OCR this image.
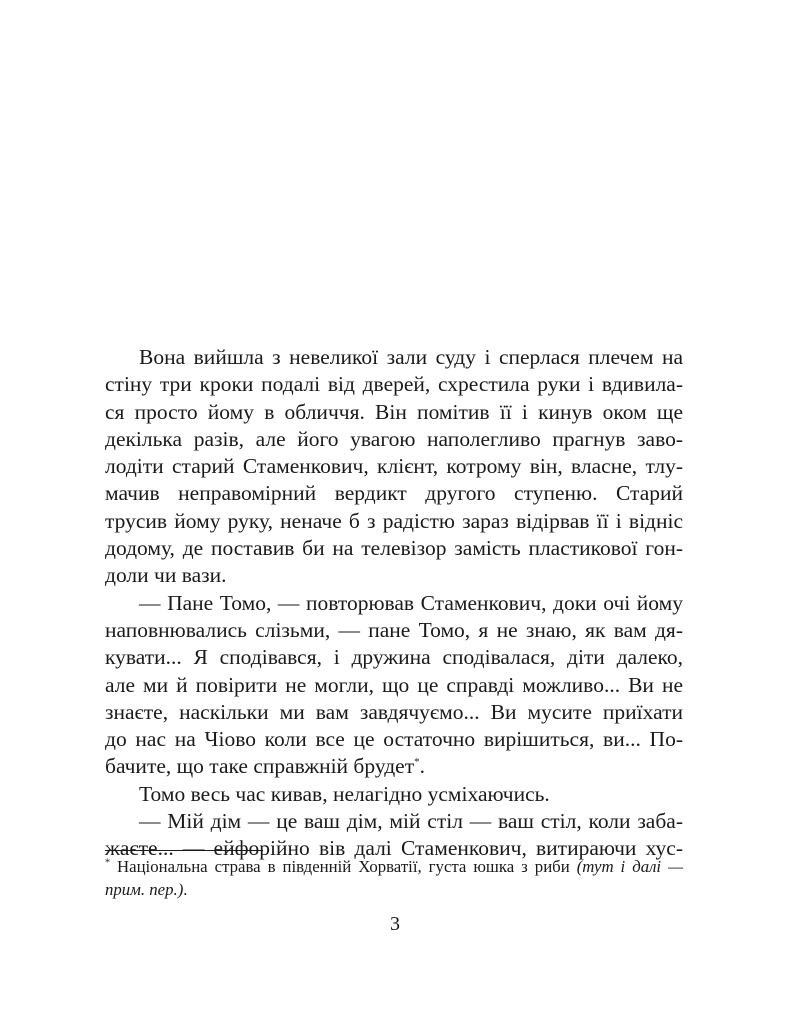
Вона вийшла з невеликої зали суду і сперлася плечем на
стіну три кроки подалі від дверей, схрестила руки і вдивила-
ся просто йому в обличчя. Він помітив її і кинув оком ще
декілька разів, але його увагою наполегливо прагнув заво-
лодіти старий Стаменкович, клієнт, котрому він, власне, тлу-
мачив неправомірний вердикт другого ступеню. Старий
трусив йому руку, неначе б з радістю зараз відірвав її і відніс
додому, де поставив би на телевізор замість пластикової гон-
доли чи вази.
— Пане Томо, — повторював Стаменкович, доки очі йому
наповнювались слізьми, — пане Томо, я не знаю, як вам дя-
кувати... Я сподівався, і дружина сподівалася, діти далеко,
але ми й повірити не могли, що це справді можливо... Ви не
знаєте, наскільки ми вам завдячуємо... Ви мусите приїхати
до нас на Чіово коли все це остаточно вирішиться, ви... По-
бачите, що таке справжній брудет*.
Томо весь час кивав, нелагідно усміхаючись.
— Мій дім — це ваш дім, мій стіл — ваш стіл, коли заба-
жаєте... — ейфорійно вів далі Стаменкович, витираючи хус-
* Національна страва в південній Хорватії, густа юшка з риби (тут і далі —
прим. пер.).
3
